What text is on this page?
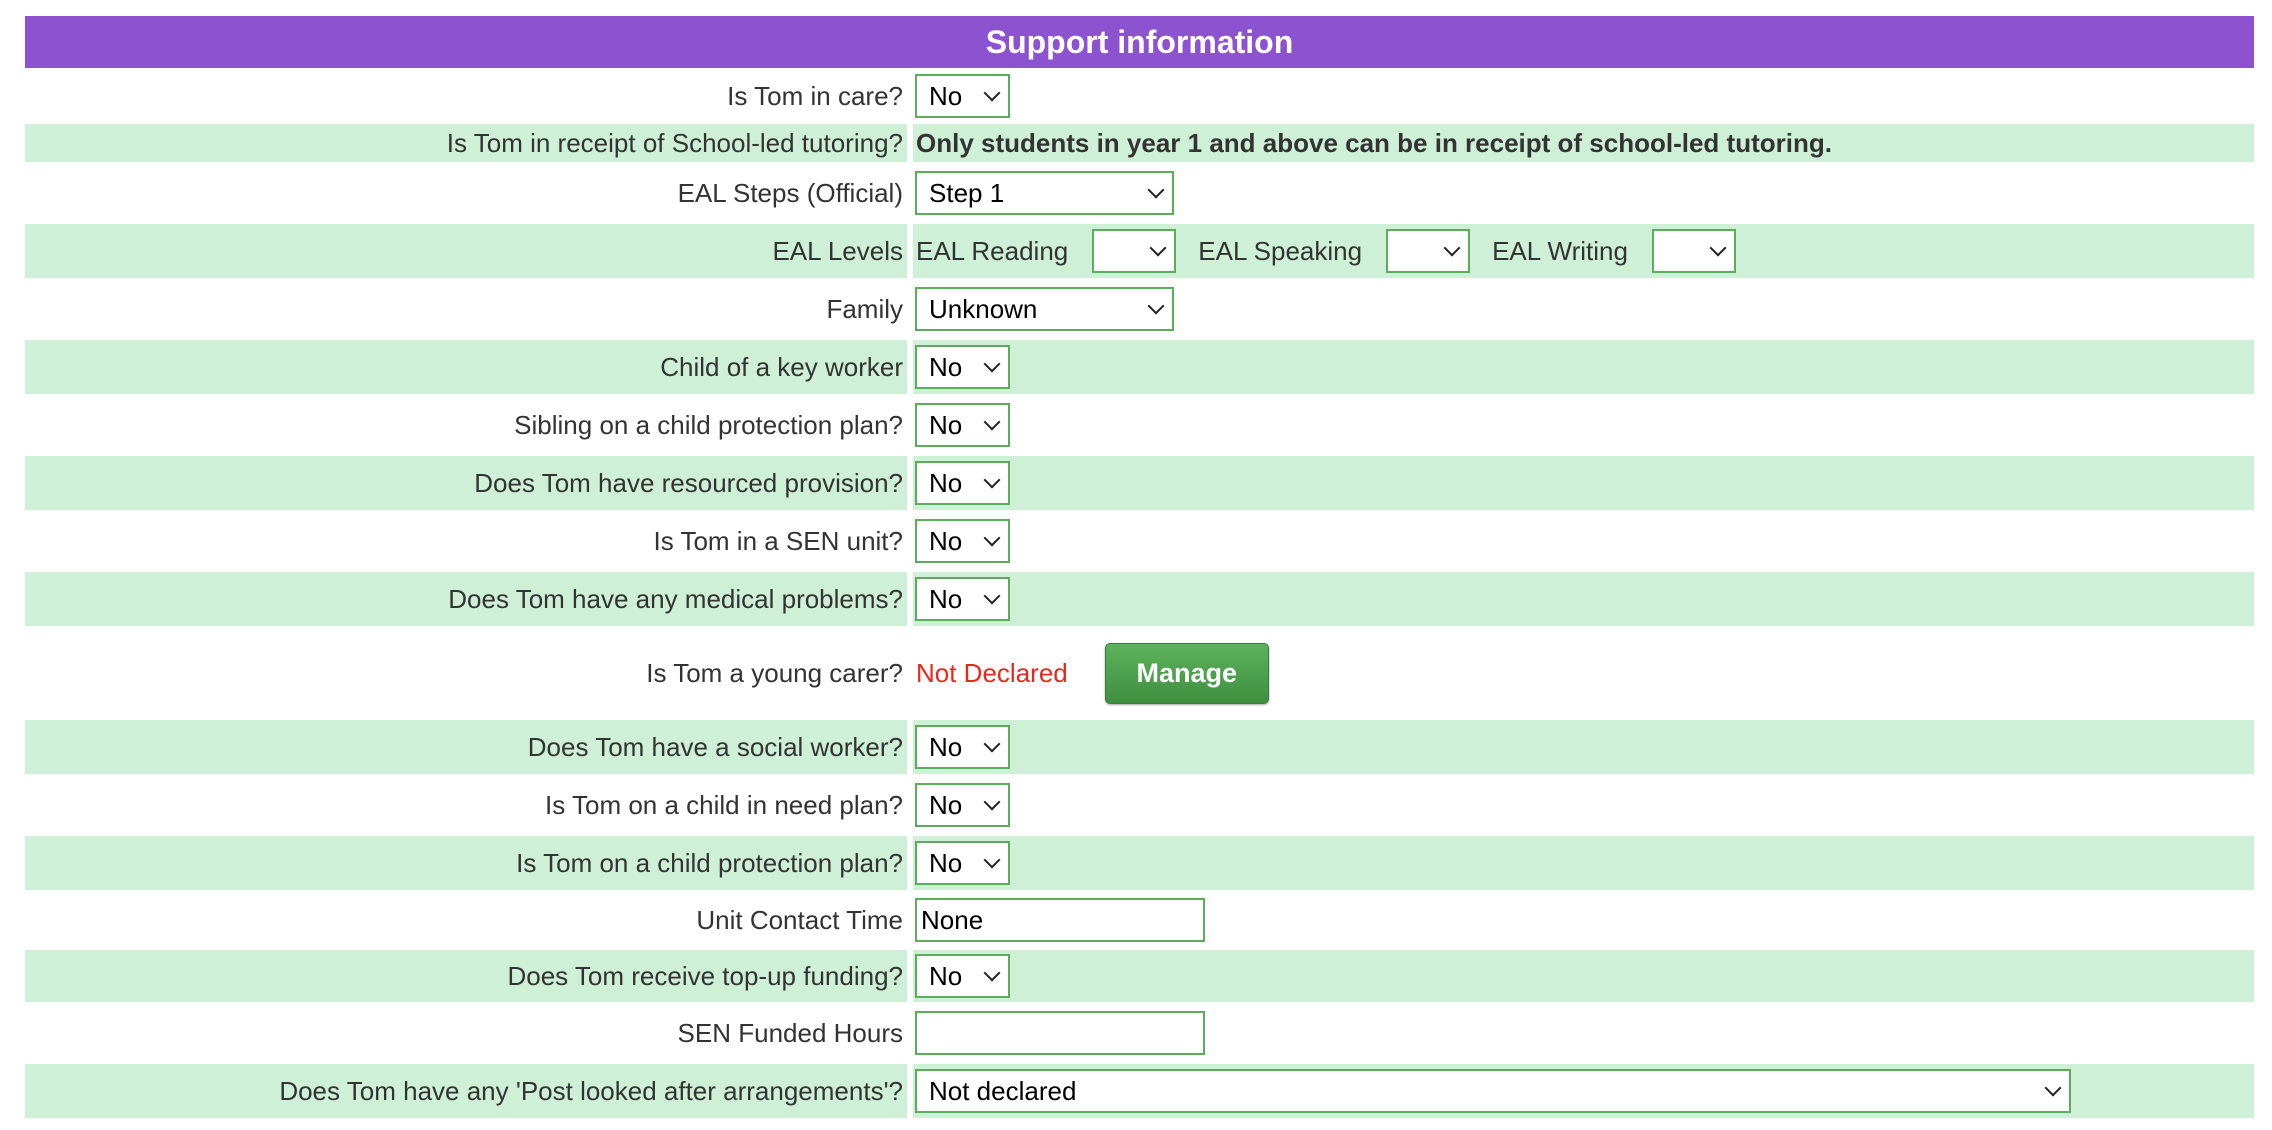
Support information
Is Tom in care? No
Is Tom in receipt of School-led tutoring? Only students in year 1 and above can be in receipt of school-led tutoring.
EAL Steps (Official) Step 1
EAL Levels EAL Reading	EAL Speaking	EAL Writing
Family Unknown
Child of a key worker No
Sibling on a child protection plan? No
Does Tom have resourced provision? No
Is Tom in a SEN unit? No
Does Tom have any medical problems? No
Is Tom a young carer? Not Declared	Manage
Does Tom have a social worker? No
Is Tom on a child in need plan? No
Is Tom on a child protection plan? No
Unit Contact Time None
Does Tom receive top-up funding? No
SEN Funded Hours
Does Tom have any 'Post looked after arrangements'? Not declared
